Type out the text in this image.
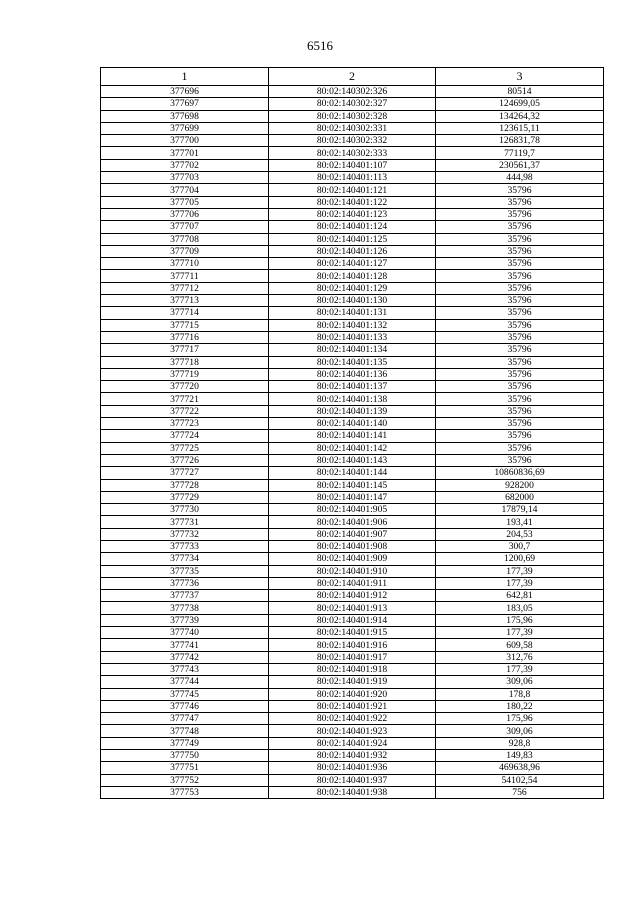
6516
1	2	3
377696	80:02:140302:326	80514
377697	80:02:140302:327	124699,05
377698	80:02:140302:328	134264,32
377699	80:02:140302:331	123615,11
377700	80:02:140302:332	126831,78
377701	80:02:140302:333	77119,7
377702	80:02:140401:107	230561,37
377703	80:02:140401:113	444,98
377704	80:02:140401:121	35796
377705	80:02:140401:122	35796
377706	80:02:140401:123	35796
377707	80:02:140401:124	35796
377708	80:02:140401:125	35796
377709	80:02:140401:126	35796
377710	80:02:140401:127	35796
377711	80:02:140401:128	35796
377712	80:02:140401:129	35796
377713	80:02:140401:130	35796
377714	80:02:140401:131	35796
377715	80:02:140401:132	35796
377716	80:02:140401:133	35796
377717	80:02:140401:134	35796
377718	80:02:140401:135	35796
377719	80:02:140401:136	35796
377720	80:02:140401:137	35796
377721	80:02:140401:138	35796
377722	80:02:140401:139	35796
377723	80:02:140401:140	35796
377724	80:02:140401:141	35796
377725	80:02:140401:142	35796
377726	80:02:140401:143	35796
377727	80:02:140401:144	10860836,69
377728	80:02:140401:145	928200
377729	80:02:140401:147	682000
377730	80:02:140401:905	17879,14
377731	80:02:140401:906	193,41
377732	80:02:140401:907	204,53
377733	80:02:140401:908	300,7
377734	80:02:140401:909	1200,69
377735	80:02:140401:910	177,39
377736	80:02:140401:911	177,39
377737	80:02:140401:912	642,81
377738	80:02:140401:913	183,05
377739	80:02:140401:914	175,96
377740	80:02:140401:915	177,39
377741	80:02:140401:916	609,58
377742	80:02:140401:917	312,76
377743	80:02:140401:918	177,39
377744	80:02:140401:919	309,06
377745	80:02:140401:920	178,8
377746	80:02:140401:921	180,22
377747	80:02:140401:922	175,96
377748	80:02:140401:923	309,06
377749	80:02:140401:924	928,8
377750	80:02:140401:932	149,83
377751	80:02:140401:936	469638,96
377752	80:02:140401:937	54102,54
377753	80:02:140401:938	756
